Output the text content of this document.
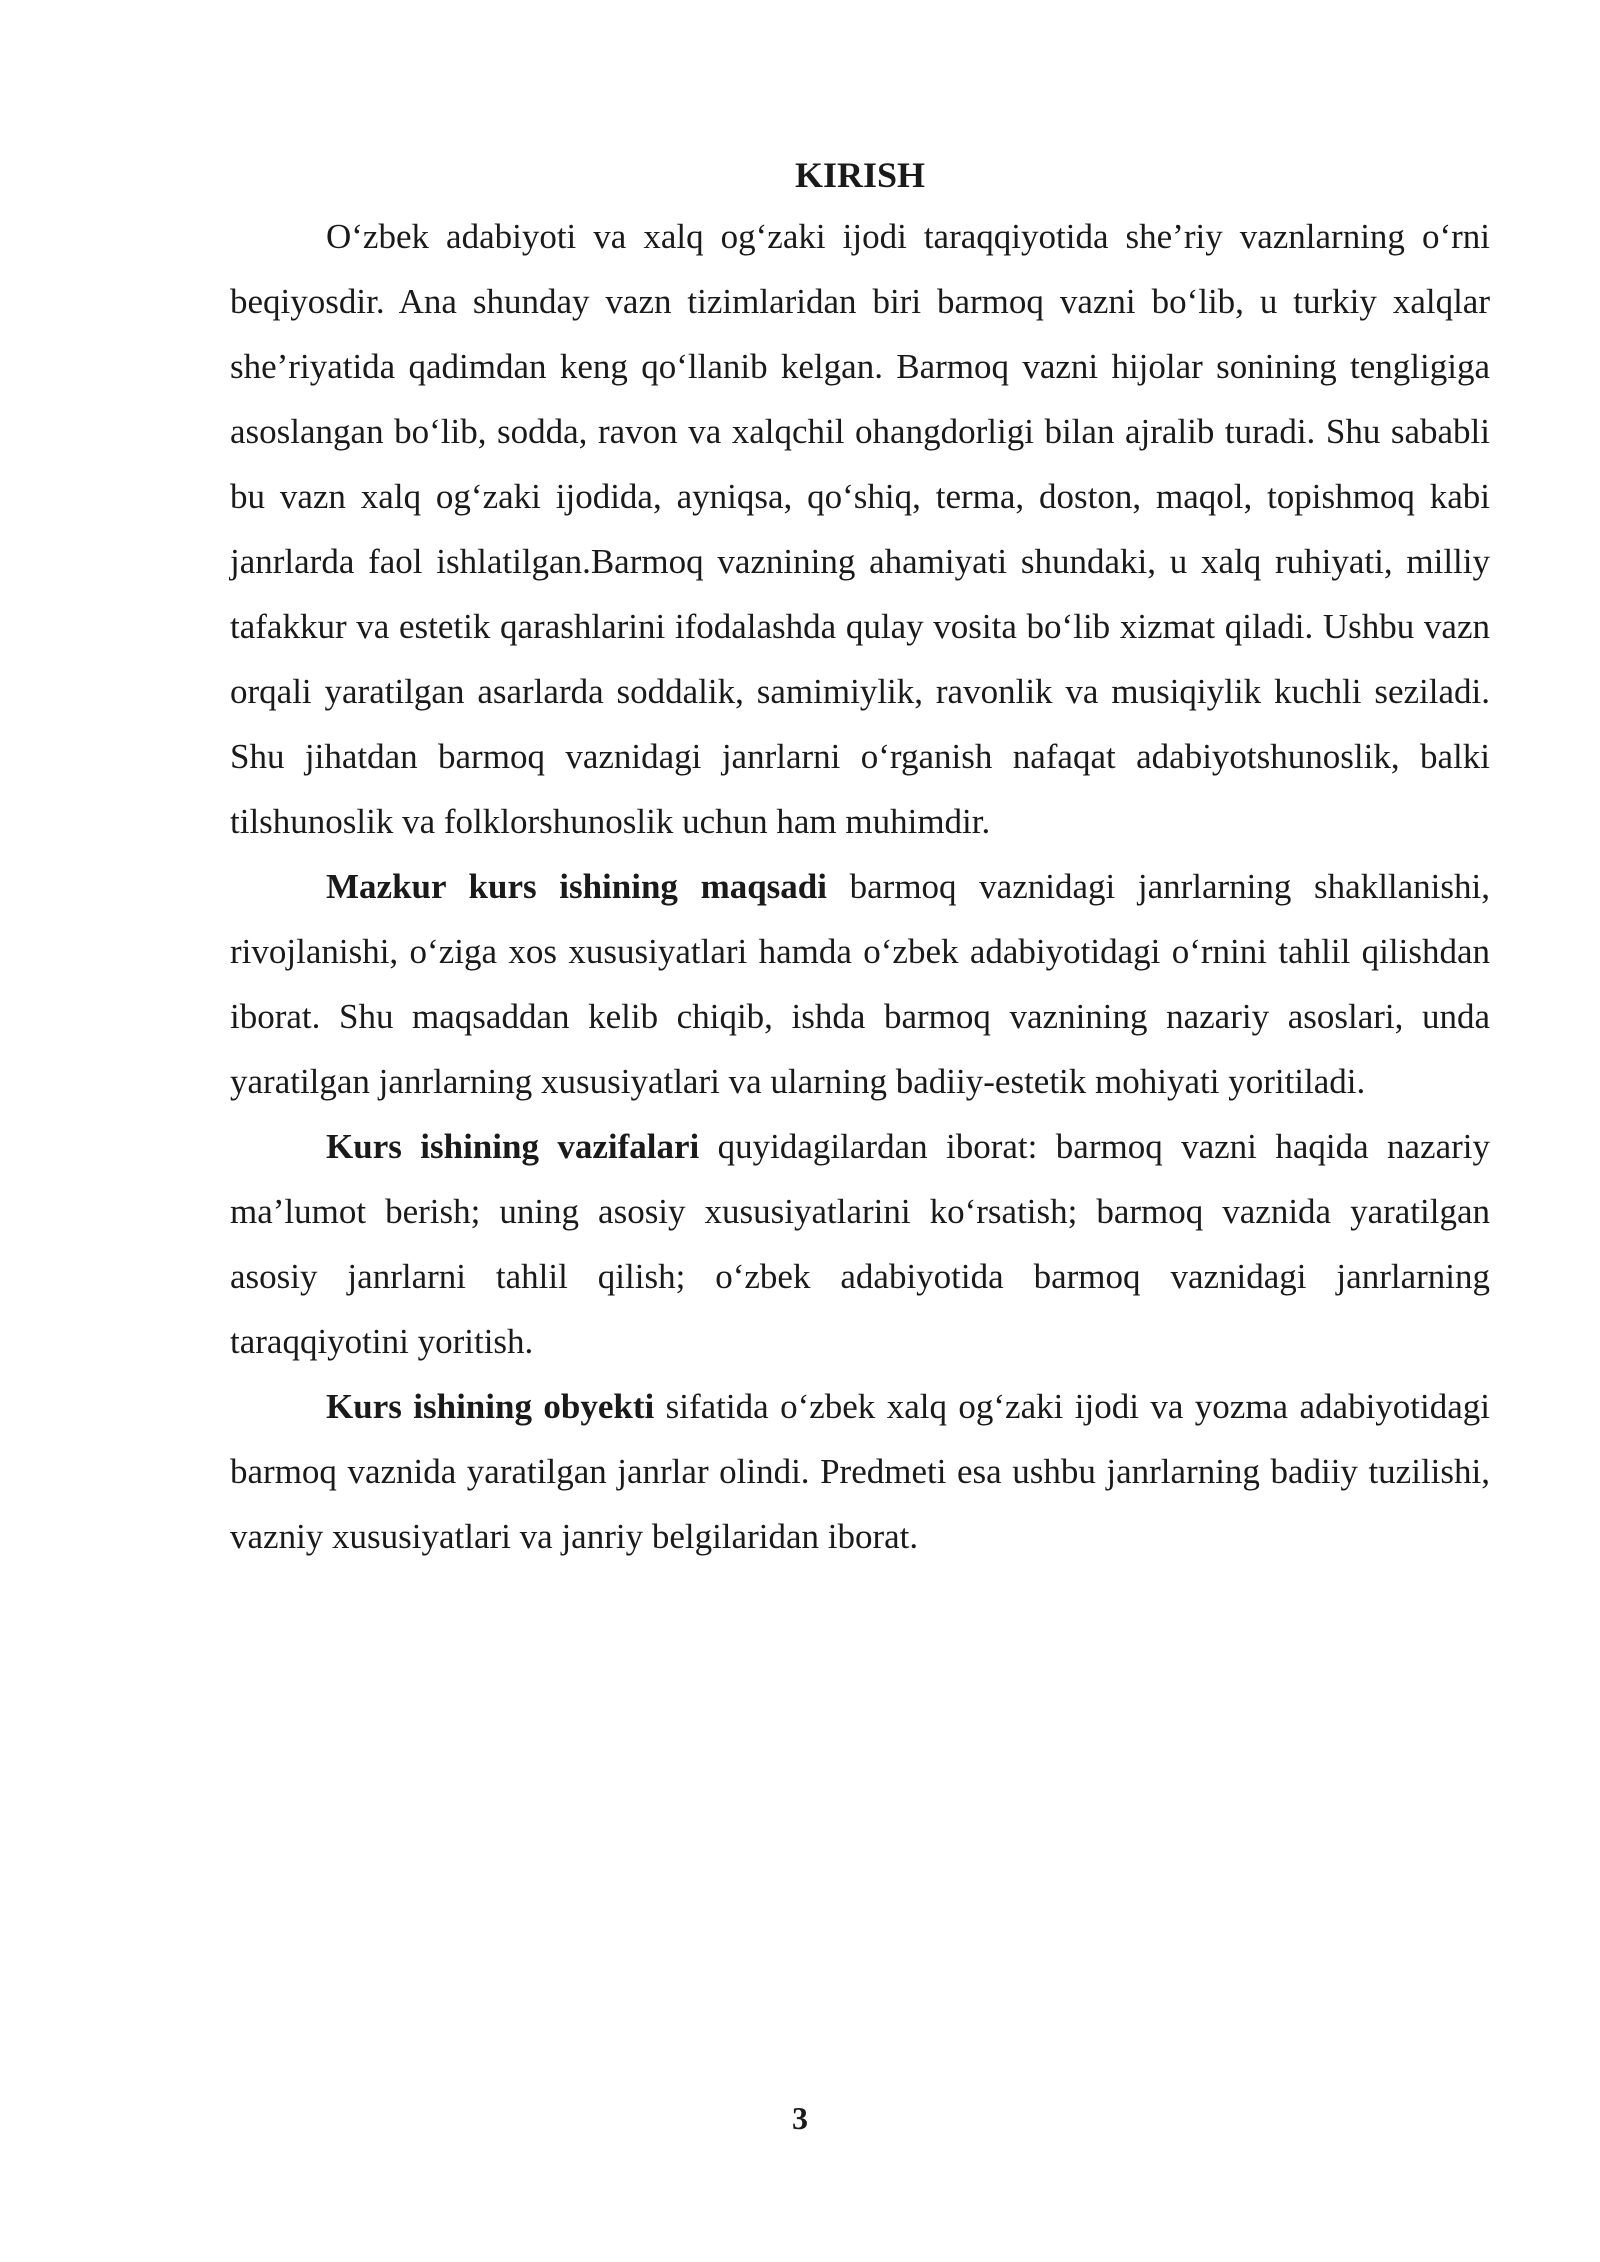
KIRISH

O‘zbek adabiyoti va xalq og‘zaki ijodi taraqqiyotida she’riy vaznlarning o‘rni beqiyosdir. Ana shunday vazn tizimlaridan biri barmoq vazni bo‘lib, u turkiy xalqlar she’riyatida qadimdan keng qo‘llanib kelgan. Barmoq vazni hijolar sonining tengligiga asoslangan bo‘lib, sodda, ravon va xalqchil ohangdorligi bilan ajralib turadi. Shu sababli bu vazn xalq og‘zaki ijodida, ayniqsa, qo‘shiq, terma, doston, maqol, topishmoq kabi janrlarda faol ishlatilgan.Barmoq vaznining ahamiyati shundaki, u xalq ruhiyati, milliy tafakkur va estetik qarashlarini ifodalashda qulay vosita bo‘lib xizmat qiladi. Ushbu vazn orqali yaratilgan asarlarda soddalik, samimiylik, ravonlik va musiqiylik kuchli seziladi. Shu jihatdan barmoq vaznidagi janrlarni o‘rganish nafaqat adabiyotshunoslik, balki tilshunoslik va folklorshunoslik uchun ham muhimdir.

Mazkur kurs ishining maqsadi barmoq vaznidagi janrlarning shakllanishi, rivojlanishi, o‘ziga xos xususiyatlari hamda o‘zbek adabiyotidagi o‘rnini tahlil qilishdan iborat. Shu maqsaddan kelib chiqib, ishda barmoq vaznining nazariy asoslari, unda yaratilgan janrlarning xususiyatlari va ularning badiiy-estetik mohiyati yoritiladi.

Kurs ishining vazifalari quyidagilardan iborat: barmoq vazni haqida nazariy ma’lumot berish; uning asosiy xususiyatlarini ko‘rsatish; barmoq vaznida yaratilgan asosiy janrlarni tahlil qilish; o‘zbek adabiyotida barmoq vaznidagi janrlarning taraqqiyotini yoritish.

Kurs ishining obyekti sifatida o‘zbek xalq og‘zaki ijodi va yozma adabiyotidagi barmoq vaznida yaratilgan janrlar olindi. Predmeti esa ushbu janrlarning badiiy tuzilishi, vazniy xususiyatlari va janriy belgilaridan iborat.

3
